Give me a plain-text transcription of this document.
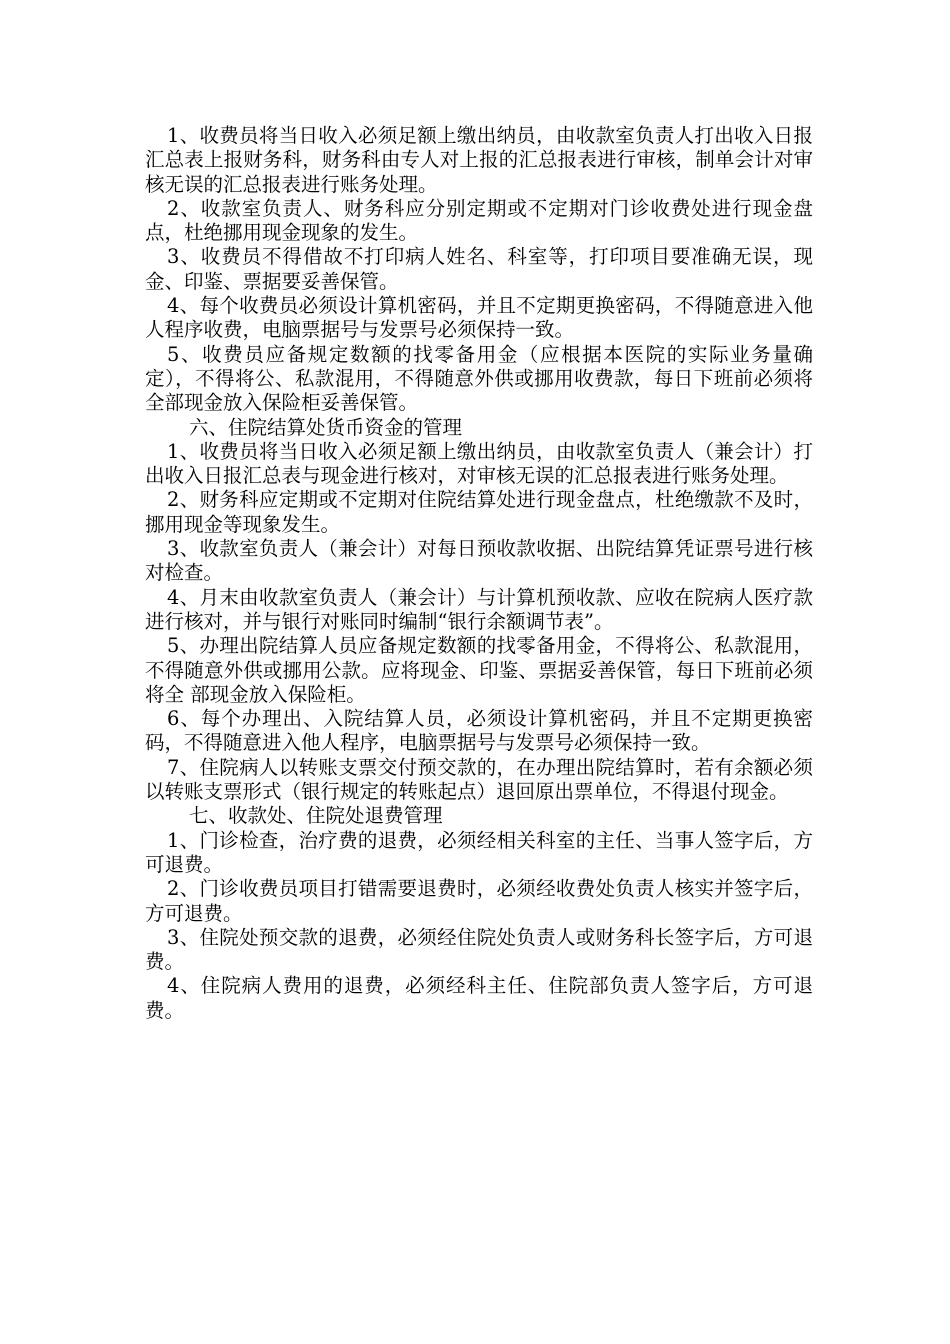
1、收费员将当日收入必须足额上缴出纳员，由收款室负责人打出收入日报汇总表上报财务科，财务科由专人对上报的汇总报表进行审核，制单会计对审核无误的汇总报表进行账务处理。

2、收款室负责人、财务科应分别定期或不定期对门诊收费处进行现金盘点，杜绝挪用现金现象的发生。

3、收费员不得借故不打印病人姓名、科室等，打印项目要准确无误，现金、印鉴、票据要妥善保管。

4、每个收费员必须设计算机密码，并且不定期更换密码，不得随意进入他人程序收费，电脑票据号与发票号必须保持一致。

5、收费员应备规定数额的找零备用金（应根据本医院的实际业务量确定），不得将公、私款混用，不得随意外供或挪用收费款，每日下班前必须将全部现金放入保险柜妥善保管。

六、住院结算处货币资金的管理

1、收费员将当日收入必须足额上缴出纳员，由收款室负责人（兼会计）打出收入日报汇总表与现金进行核对，对审核无误的汇总报表进行账务处理。

2、财务科应定期或不定期对住院结算处进行现金盘点，杜绝缴款不及时，挪用现金等现象发生。

3、收款室负责人（兼会计）对每日预收款收据、出院结算凭证票号进行核对检查。

4、月末由收款室负责人（兼会计）与计算机预收款、应收在院病人医疗款进行核对，并与银行对账同时编制“银行余额调节表”。

5、办理出院结算人员应备规定数额的找零备用金，不得将公、私款混用，不得随意外供或挪用公款。应将现金、印鉴、票据妥善保管，每日下班前必须将全 部现金放入保险柜。

6、每个办理出、入院结算人员，必须设计算机密码，并且不定期更换密码，不得随意进入他人程序，电脑票据号与发票号必须保持一致。

7、住院病人以转账支票交付预交款的，在办理出院结算时，若有余额必须以转账支票形式（银行规定的转账起点）退回原出票单位，不得退付现金。

七、收款处、住院处退费管理

1、门诊检查，治疗费的退费，必须经相关科室的主任、当事人签字后，方可退费。

2、门诊收费员项目打错需要退费时，必须经收费处负责人核实并签字后，方可退费。

3、住院处预交款的退费，必须经住院处负责人或财务科长签字后，方可退费。

4、住院病人费用的退费，必须经科主任、住院部负责人签字后，方可退费。
